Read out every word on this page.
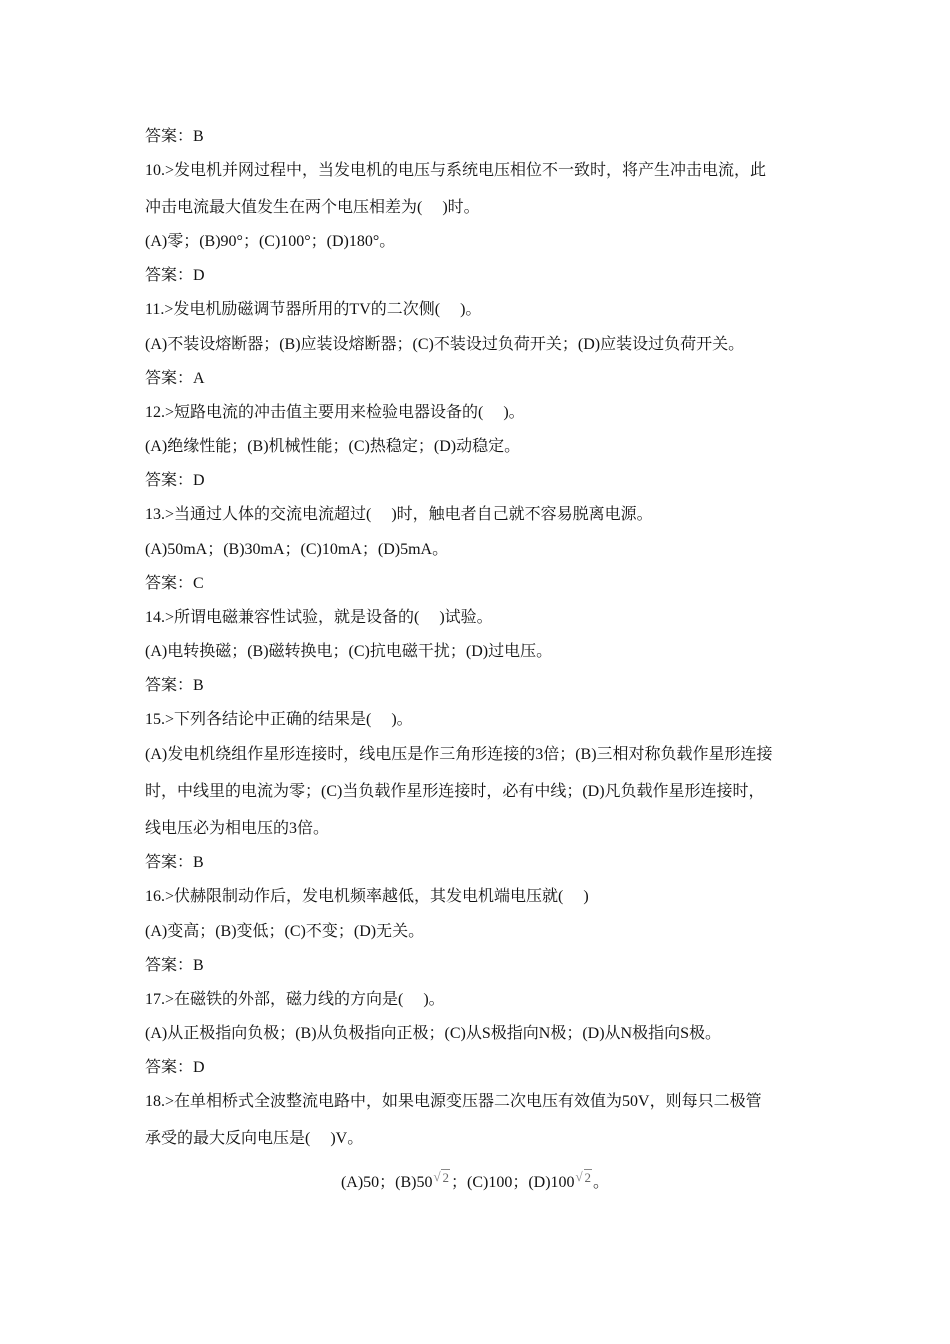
答案：B
10.>发电机并网过程中，当发电机的电压与系统电压相位不一致时，将产生冲击电流，此
冲击电流最大值发生在两个电压相差为(　 )时。
(A)零；(B)90°；(C)100°；(D)180°。
答案：D
11.>发电机励磁调节器所用的TV的二次侧(　 )。
(A)不装设熔断器；(B)应装设熔断器；(C)不装设过负荷开关；(D)应装设过负荷开关。
答案：A
12.>短路电流的冲击值主要用来检验电器设备的(　 )。
(A)绝缘性能；(B)机械性能；(C)热稳定；(D)动稳定。
答案：D
13.>当通过人体的交流电流超过(　 )时，触电者自己就不容易脱离电源。
(A)50mA；(B)30mA；(C)10mA；(D)5mA。
答案：C
14.>所谓电磁兼容性试验，就是设备的(　 )试验。
(A)电转换磁；(B)磁转换电；(C)抗电磁干扰；(D)过电压。
答案：B
15.>下列各结论中正确的结果是(　 )。
(A)发电机绕组作星形连接时，线电压是作三角形连接的3倍；(B)三相对称负载作星形连接
时，中线里的电流为零；(C)当负载作星形连接时，必有中线；(D)凡负载作星形连接时，
线电压必为相电压的3倍。
答案：B
16.>伏赫限制动作后，发电机频率越低，其发电机端电压就(　 )
(A)变高；(B)变低；(C)不变；(D)无关。
答案：B
17.>在磁铁的外部，磁力线的方向是(　 )。
(A)从正极指向负极；(B)从负极指向正极；(C)从S极指向N极；(D)从N极指向S极。
答案：D
18.>在单相桥式全波整流电路中，如果电源变压器二次电压有效值为50V，则每只二极管
承受的最大反向电压是(　 )V。
(A)50；(B)50 √ 2 ；(C)100；(D)100 √ 2 。
